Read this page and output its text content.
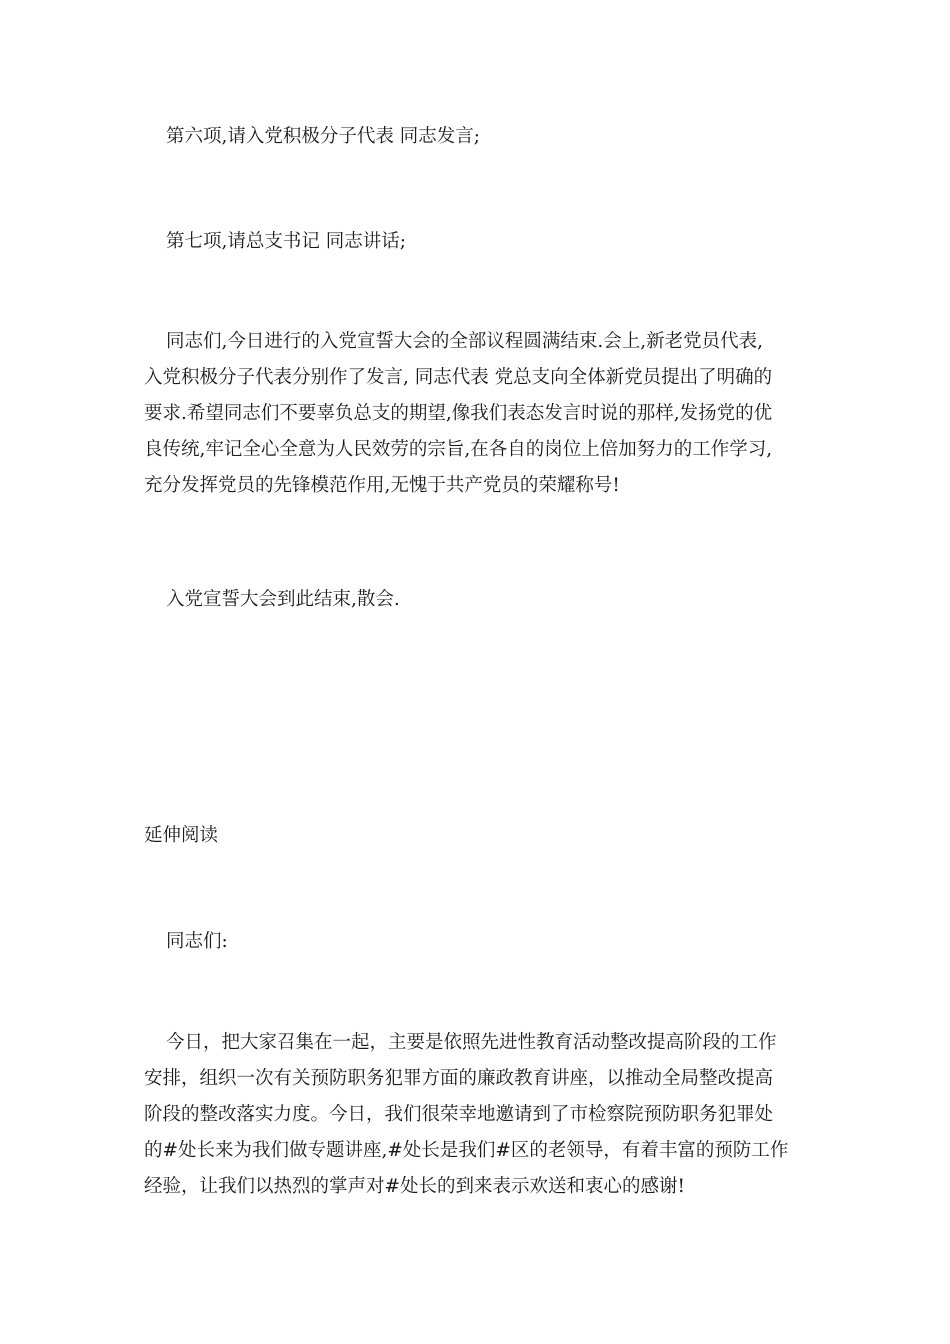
第六项,请入党积极分子代表 同志发言;
第七项,请总支书记 同志讲话;
同志们,今日进行的入党宣誓大会的全部议程圆满结束.会上,新老党员代表,
入党积极分子代表分别作了发言, 同志代表 党总支向全体新党员提出了明确的
要求.希望同志们不要辜负总支的期望,像我们表态发言时说的那样,发扬党的优
良传统,牢记全心全意为人民效劳的宗旨,在各自的岗位上倍加努力的工作学习,
充分发挥党员的先锋模范作用,无愧于共产党员的荣耀称号!
入党宣誓大会到此结束,散会.
延伸阅读
同志们:
今日，把大家召集在一起，主要是依照先进性教育活动整改提高阶段的工作
安排，组织一次有关预防职务犯罪方面的廉政教育讲座，以推动全局整改提高
阶段的整改落实力度。今日，我们很荣幸地邀请到了市检察院预防职务犯罪处
的#处长来为我们做专题讲座,#处长是我们#区的老领导，有着丰富的预防工作
经验，让我们以热烈的掌声对#处长的到来表示欢送和衷心的感谢!
